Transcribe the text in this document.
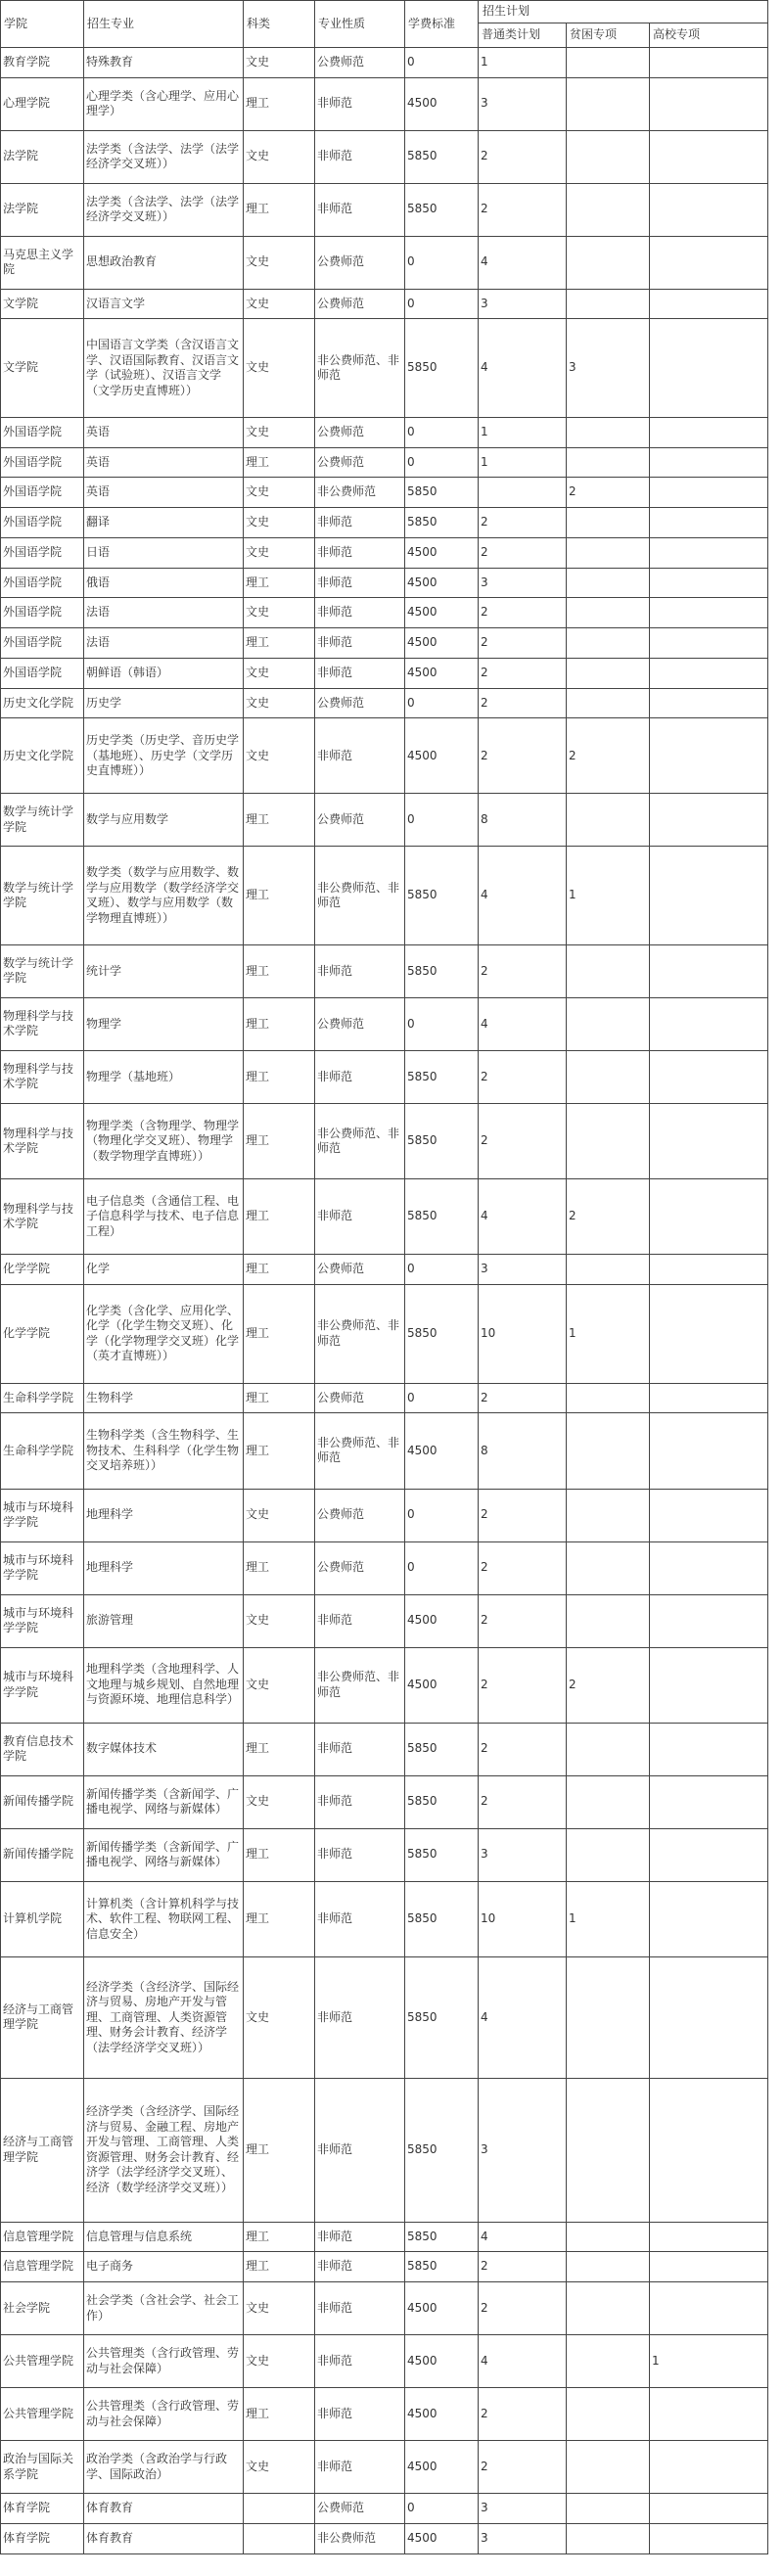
学院	招生专业	科类	专业性质	学费标准	招生计划		
					普通类计划	贫困专项	高校专项
教育学院	特殊教育	文史	公费师范	0	1		
心理学院	心理学类（含心理学、应用心理学）	理工	非师范	4500	3		
法学院	法学类（含法学、法学（法学经济学交叉班））	文史	非师范	5850	2		
法学院	法学类（含法学、法学（法学经济学交叉班））	理工	非师范	5850	2		
马克思主义学院	思想政治教育	文史	公费师范	0	4		
文学院	汉语言文学	文史	公费师范	0	3		
文学院	中国语言文学类（含汉语言文学、汉语国际教育、汉语言文学（试验班）、汉语言文学（文学历史直博班））	文史	非公费师范、非师范	5850	4	3	
外国语学院	英语	文史	公费师范	0	1		
外国语学院	英语	理工	公费师范	0	1		
外国语学院	英语	文史	非公费师范	5850		2	
外国语学院	翻译	文史	非师范	5850	2		
外国语学院	日语	文史	非师范	4500	2		
外国语学院	俄语	理工	非师范	4500	3		
外国语学院	法语	文史	非师范	4500	2		
外国语学院	法语	理工	非师范	4500	2		
外国语学院	朝鲜语（韩语）	文史	非师范	4500	2		
历史文化学院	历史学	文史	公费师范	0	2		
历史文化学院	历史学类（历史学、音历史学（基地班）、历史学（文学历史直博班））	文史	非师范	4500	2	2	
数学与统计学学院	数学与应用数学	理工	公费师范	0	8		
数学与统计学学院	数学类（数学与应用数学、数学与应用数学（数学经济学交叉班）、数学与应用数学（数学物理直博班））	理工	非公费师范、非师范	5850	4	1	
数学与统计学学院	统计学	理工	非师范	5850	2		
物理科学与技术学院	物理学	理工	公费师范	0	4		
物理科学与技术学院	物理学（基地班）	理工	非师范	5850	2		
物理科学与技术学院	物理学类（含物理学、物理学（物理化学交叉班）、物理学（数学物理学直博班））	理工	非公费师范、非师范	5850	2		
物理科学与技术学院	电子信息类（含通信工程、电子信息科学与技术、电子信息工程）	理工	非师范	5850	4	2	
化学学院	化学	理工	公费师范	0	3		
化学学院	化学类（含化学、应用化学、化学（化学生物交叉班）、化学（化学物理学交叉班）化学（英才直博班））	理工	非公费师范、非师范	5850	10	1	
生命科学学院	生物科学	理工	公费师范	0	2		
生命科学学院	生物科学类（含生物科学、生物技术、生科科学（化学生物交叉培养班））	理工	非公费师范、非师范	4500	8		
城市与环境科学学院	地理科学	文史	公费师范	0	2		
城市与环境科学学院	地理科学	理工	公费师范	0	2		
城市与环境科学学院	旅游管理	文史	非师范	4500	2		
城市与环境科学学院	地理科学类（含地理科学、人文地理与城乡规划、自然地理与资源环境、地理信息科学）	文史	非公费师范、非师范	4500	2	2	
教育信息技术学院	数字媒体技术	理工	非师范	5850	2		
新闻传播学院	新闻传播学类（含新闻学、广播电视学、网络与新媒体）	文史	非师范	5850	2		
新闻传播学院	新闻传播学类（含新闻学、广播电视学、网络与新媒体）	理工	非师范	5850	3		
计算机学院	计算机类（含计算机科学与技术、软件工程、物联网工程、信息安全）	理工	非师范	5850	10	1	
经济与工商管理学院	经济学类（含经济学、国际经济与贸易、房地产开发与管理、工商管理、人类资源管理、财务会计教育、经济学（法学经济学交叉班））	文史	非师范	5850	4		
经济与工商管理学院	经济学类（含经济学、国际经济与贸易、金融工程、房地产开发与管理、工商管理、人类资源管理、财务会计教育、经济学（法学经济学交叉班）、经济（数学经济学交叉班））	理工	非师范	5850	3		
信息管理学院	信息管理与信息系统	理工	非师范	5850	4		
信息管理学院	电子商务	理工	非师范	5850	2		
社会学院	社会学类（含社会学、社会工作）	文史	非师范	4500	2		
公共管理学院	公共管理类（含行政管理、劳动与社会保障）	文史	非师范	4500	4		1
公共管理学院	公共管理类（含行政管理、劳动与社会保障）	理工	非师范	4500	2		
政治与国际关系学院	政治学类（含政治学与行政学、国际政治）	文史	非师范	4500	2		
体育学院	体育教育		公费师范	0	3		
体育学院	体育教育		非公费师范	4500	3		
